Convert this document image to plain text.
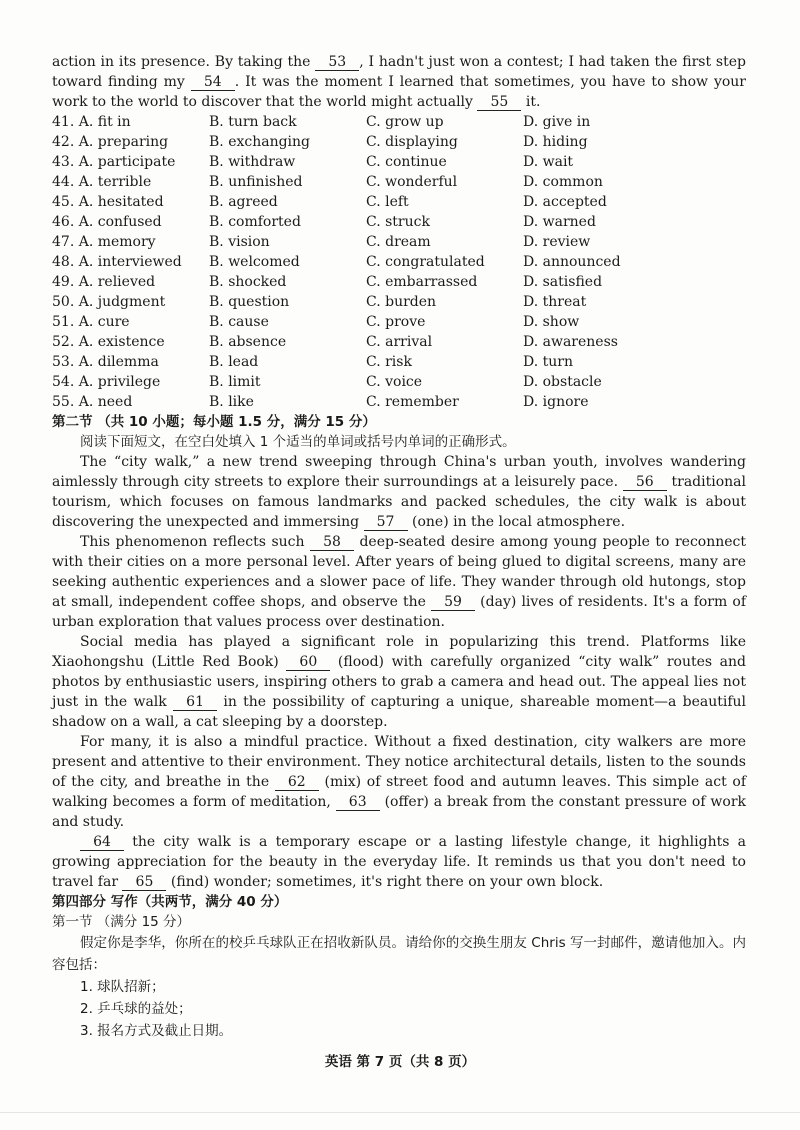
action in its presence. By taking the 53 , I hadn't just won a contest; I had taken the first step toward finding my 54 . It was the moment I learned that sometimes, you have to show your work to the world to discover that the world might actually 55 it.

41. A. fit in	B. turn back	C. grow up	D. give in
42. A. preparing	B. exchanging	C. displaying	D. hiding
43. A. participate	B. withdraw	C. continue	D. wait
44. A. terrible	B. unfinished	C. wonderful	D. common
45. A. hesitated	B. agreed	C. left	D. accepted
46. A. confused	B. comforted	C. struck	D. warned
47. A. memory	B. vision	C. dream	D. review
48. A. interviewed	B. welcomed	C. congratulated	D. announced
49. A. relieved	B. shocked	C. embarrassed	D. satisfied
50. A. judgment	B. question	C. burden	D. threat
51. A. cure	B. cause	C. prove	D. show
52. A. existence	B. absence	C. arrival	D. awareness
53. A. dilemma	B. lead	C. risk	D. turn
54. A. privilege	B. limit	C. voice	D. obstacle
55. A. need	B. like	C. remember	D. ignore
第二节 （共 10 小题；每小题 1.5 分，满分 15 分）
阅读下面短文，在空白处填入 1 个适当的单词或括号内单词的正确形式。

The “city walk,” a new trend sweeping through China's urban youth, involves wandering aimlessly through city streets to explore their surroundings at a leisurely pace. 56 traditional tourism, which focuses on famous landmarks and packed schedules, the city walk is about discovering the unexpected and immersing 57 (one) in the local atmosphere.

This phenomenon reflects such 58 deep-seated desire among young people to reconnect with their cities on a more personal level. After years of being glued to digital screens, many are seeking authentic experiences and a slower pace of life. They wander through old hutongs, stop at small, independent coffee shops, and observe the 59 (day) lives of residents. It's a form of urban exploration that values process over destination.

Social media has played a significant role in popularizing this trend. Platforms like Xiaohongshu (Little Red Book) 60 (flood) with carefully organized “city walk” routes and photos by enthusiastic users, inspiring others to grab a camera and head out. The appeal lies not just in the walk 61 in the possibility of capturing a unique, shareable moment—a beautiful shadow on a wall, a cat sleeping by a doorstep.

For many, it is also a mindful practice. Without a fixed destination, city walkers are more present and attentive to their environment. They notice architectural details, listen to the sounds of the city, and breathe in the 62 (mix) of street food and autumn leaves. This simple act of walking becomes a form of meditation, 63 (offer) a break from the constant pressure of work and study.

64 the city walk is a temporary escape or a lasting lifestyle change, it highlights a growing appreciation for the beauty in the everyday life. It reminds us that you don't need to travel far 65 (find) wonder; sometimes, it's right there on your own block.

第四部分 写作（共两节，满分 40 分）
第一节 （满分 15 分）
假定你是李华，你所在的校乒乓球队正在招收新队员。请给你的交换生朋友 Chris 写一封邮件，邀请他加入。内容包括：
1. 球队招新；
2. 乒乓球的益处；
3. 报名方式及截止日期。
英语 第 7 页（共 8 页）
